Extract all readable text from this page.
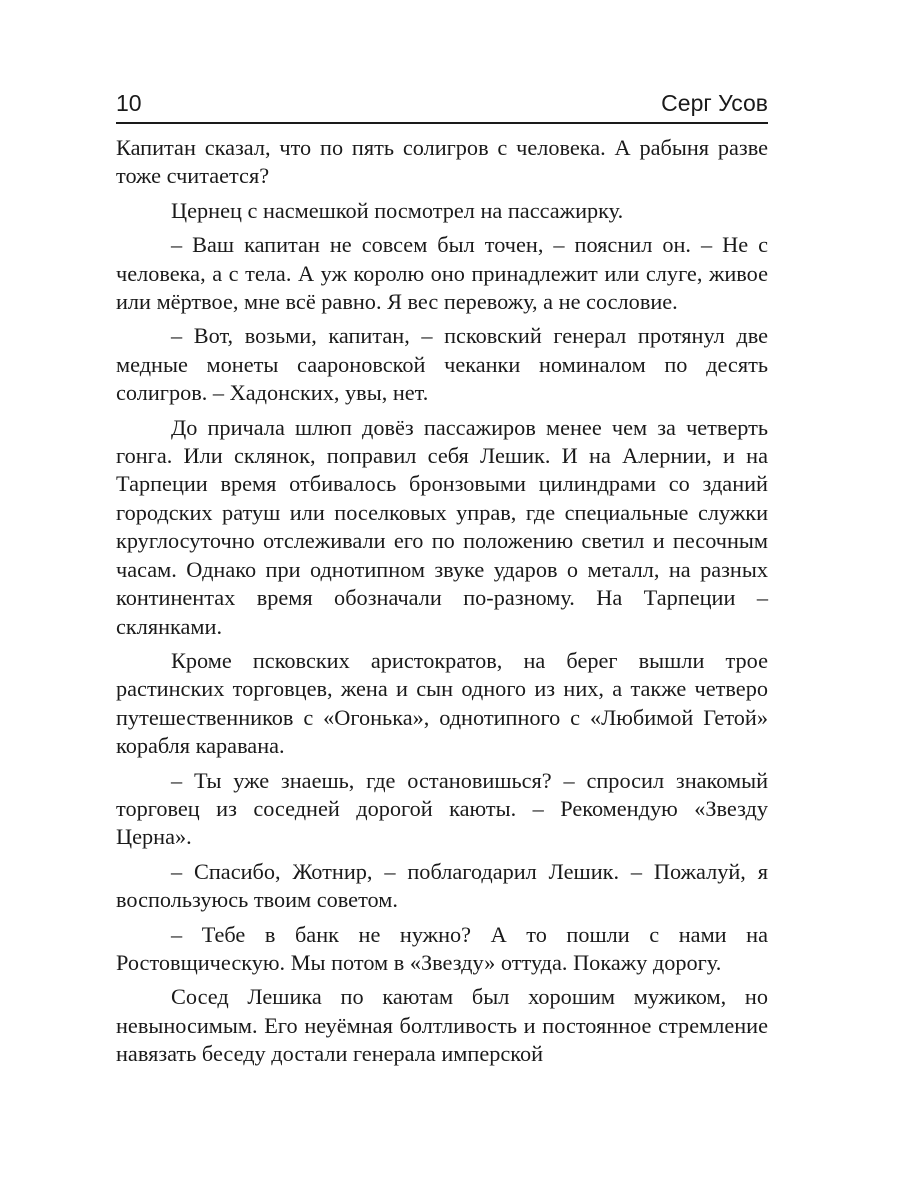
10	Серг Усов

Капитан сказал, что по пять солигров с человека. А рабыня разве тоже считается?

Цернец с насмешкой посмотрел на пассажирку.

– Ваш капитан не совсем был точен, – пояснил он. – Не с человека, а с тела. А уж королю оно принадлежит или слуге, живое или мёртвое, мне всё равно. Я вес перевожу, а не сословие.

– Вот, возьми, капитан, – псковский генерал протянул две медные монеты саароновской чеканки номиналом по десять солигров. – Хадонских, увы, нет.

До причала шлюп довёз пассажиров менее чем за четверть гонга. Или склянок, поправил себя Лешик. И на Алернии, и на Тарпеции время отбивалось бронзовыми цилиндрами со зданий городских ратуш или поселковых управ, где специальные служки круглосуточно отслеживали его по положению светил и песочным часам. Однако при однотипном звуке ударов о металл, на разных континентах время обозначали по-разному. На Тарпеции – склянками.

Кроме псковских аристократов, на берег вышли трое растинских торговцев, жена и сын одного из них, а также четверо путешественников с «Огонька», однотипного с «Любимой Гетой» корабля каравана.

– Ты уже знаешь, где остановишься? – спросил знакомый торговец из соседней дорогой каюты. – Рекомендую «Звезду Церна».

– Спасибо, Жотнир, – поблагодарил Лешик. – Пожалуй, я воспользуюсь твоим советом.

– Тебе в банк не нужно? А то пошли с нами на Ростовщическую. Мы потом в «Звезду» оттуда. Покажу дорогу.

Сосед Лешика по каютам был хорошим мужиком, но невыносимым. Его неуёмная болтливость и постоянное стремление навязать беседу достали генерала имперской
